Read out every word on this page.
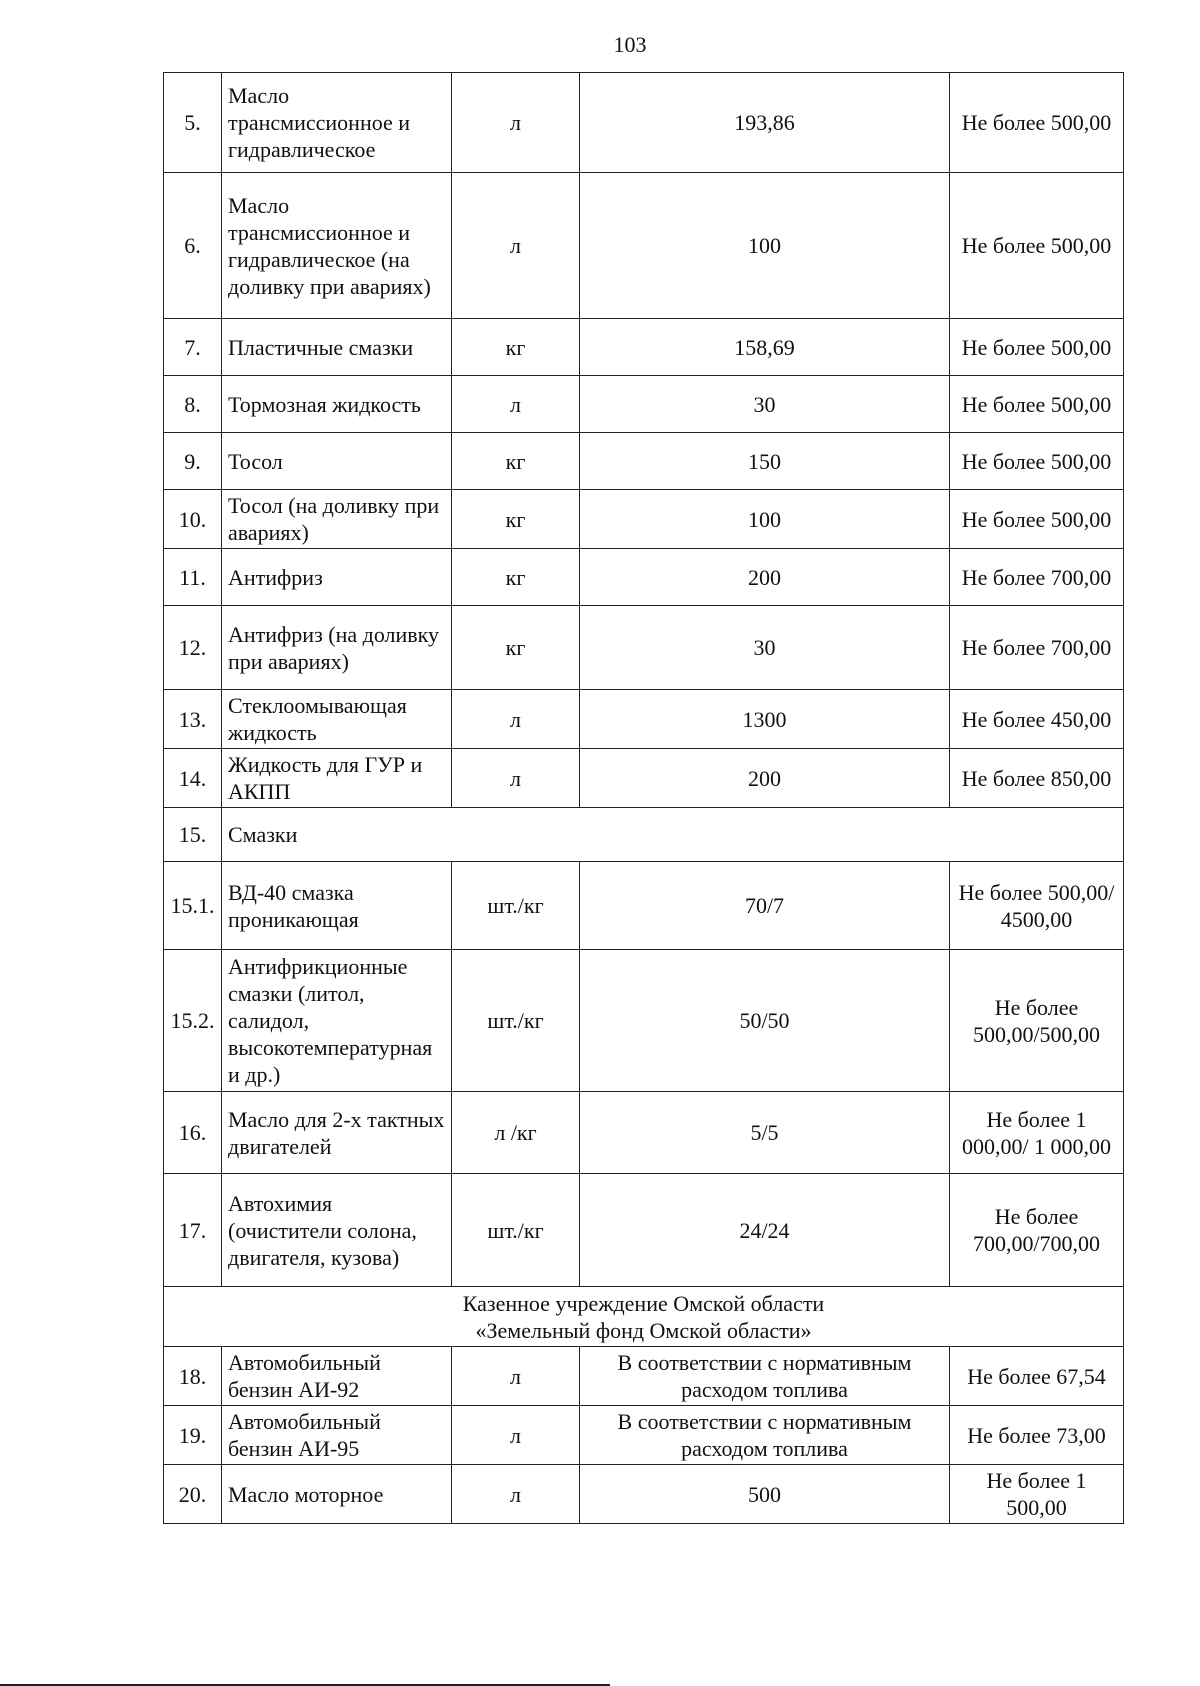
103
5.	Масло трансмиссионное и гидравлическое	л	193,86	Не более 500,00
6.	Масло трансмиссионное и гидравлическое (на доливку при авариях)	л	100	Не более 500,00
7.	Пластичные смазки	кг	158,69	Не более 500,00
8.	Тормозная жидкость	л	30	Не более 500,00
9.	Тосол	кг	150	Не более 500,00
10.	Тосол (на доливку при авариях)	кг	100	Не более 500,00
11.	Антифриз	кг	200	Не более 700,00
12.	Антифриз (на доливку при авариях)	кг	30	Не более 700,00
13.	Стеклоомывающая жидкость	л	1300	Не более 450,00
14.	Жидкость для ГУР и АКПП	л	200	Не более 850,00
15.	Смазки			
15.1.	ВД-40 смазка проникающая	шт./кг	70/7	Не более 500,00/ 4500,00
15.2.	Антифрикционные смазки (литол, салидол, высокотемпературная и др.)	шт./кг	50/50	Не более 500,00/500,00
16.	Масло для 2-х тактных двигателей	л /кг	5/5	Не более 1 000,00/ 1 000,00
17.	Автохимия (очистители солона, двигателя, кузова)	шт./кг	24/24	Не более 700,00/700,00

Казенное учреждение Омской области
«Земельный фонд Омской области»				

18.	Автомобильный бензин АИ-92	л	В соответствии с нормативным расходом топлива	Не более 67,54
19.	Автомобильный бензин АИ-95	л	В соответствии с нормативным расходом топлива	Не более 73,00
20.	Масло моторное	л	500	Не более 1 500,00
